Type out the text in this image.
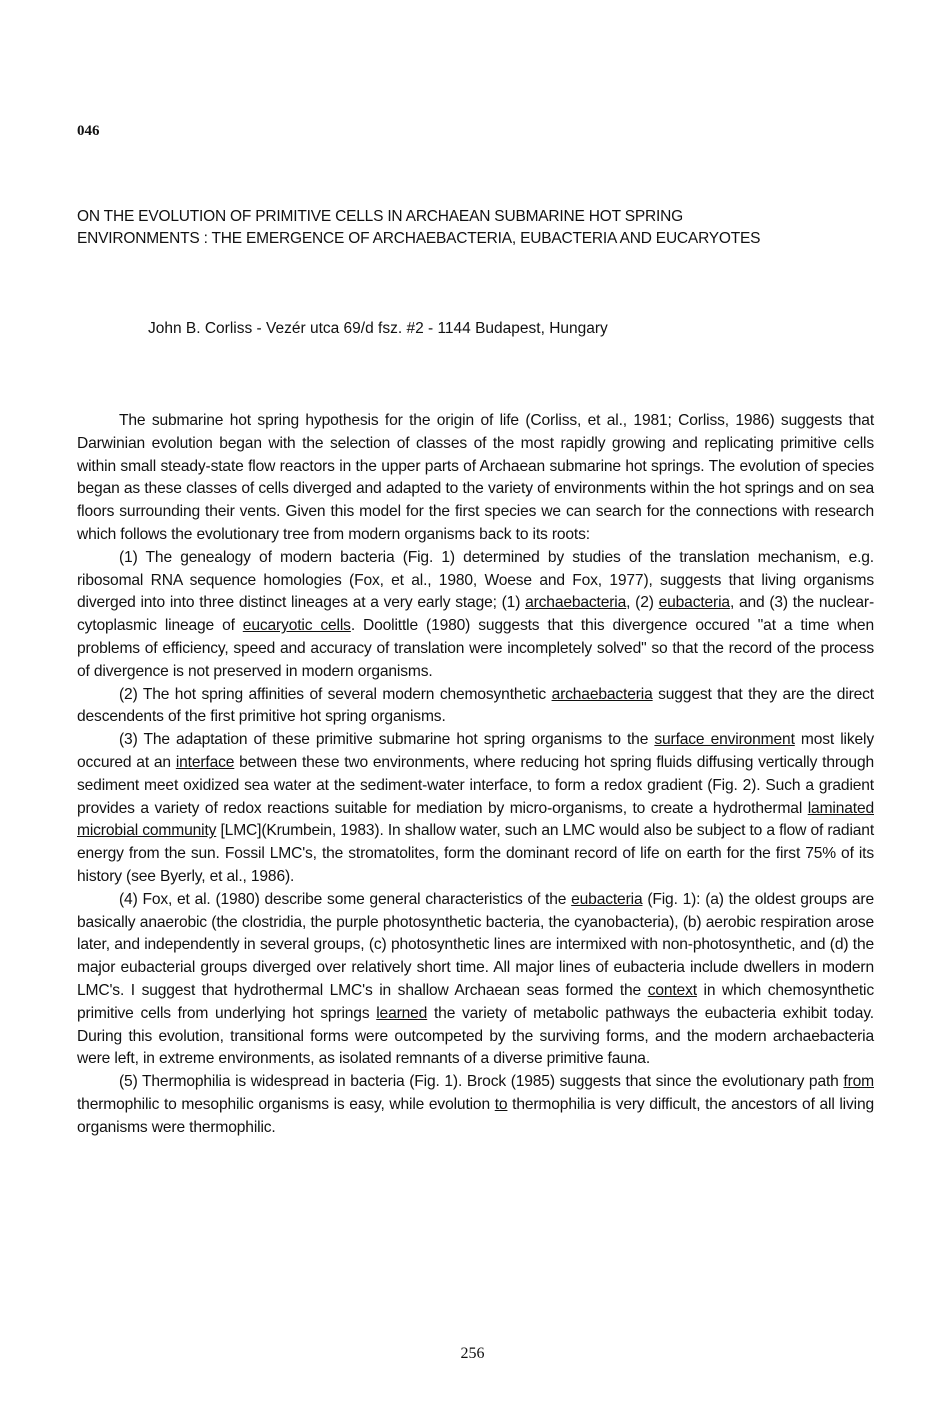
046
ON THE EVOLUTION OF PRIMITIVE CELLS IN ARCHAEAN SUBMARINE HOT SPRING
ENVIRONMENTS : THE EMERGENCE OF ARCHAEBACTERIA, EUBACTERIA AND EUCARYOTES
John B. Corliss - Vezér utca 69/d fsz. #2 - 1144 Budapest, Hungary

The submarine hot spring hypothesis for the origin of life (Corliss, et al., 1981; Corliss, 1986) suggests that Darwinian evolution began with the selection of classes of the most rapidly growing and replicating primitive cells within small steady-state flow reactors in the upper parts of Archaean submarine hot springs. The evolution of species began as these classes of cells diverged and adapted to the variety of environments within the hot springs and on sea floors surrounding their vents. Given this model for the first species we can search for the connections with research which follows the evolutionary tree from modern organisms back to its roots:

(1) The genealogy of modern bacteria (Fig. 1) determined by studies of the translation mechanism, e.g. ribosomal RNA sequence homologies (Fox, et al., 1980, Woese and Fox, 1977), suggests that living organisms diverged into into three distinct lineages at a very early stage; (1) archaebacteria, (2) eubacteria, and (3) the nuclear-cytoplasmic lineage of eucaryotic cells. Doolittle (1980) suggests that this divergence occured "at a time when problems of efficiency, speed and accuracy of translation were incompletely solved" so that the record of the process of divergence is not preserved in modern organisms.

(2) The hot spring affinities of several modern chemosynthetic archaebacteria suggest that they are the direct descendents of the first primitive hot spring organisms.

(3) The adaptation of these primitive submarine hot spring organisms to the surface environment most likely occured at an interface between these two environments, where reducing hot spring fluids diffusing vertically through sediment meet oxidized sea water at the sediment-water interface, to form a redox gradient (Fig. 2). Such a gradient provides a variety of redox reactions suitable for mediation by micro-organisms, to create a hydrothermal laminated microbial community [LMC](Krumbein, 1983). In shallow water, such an LMC would also be subject to a flow of radiant energy from the sun. Fossil LMC's, the stromatolites, form the dominant record of life on earth for the first 75% of its history (see Byerly, et al., 1986).

(4) Fox, et al. (1980) describe some general characteristics of the eubacteria (Fig. 1): (a) the oldest groups are basically anaerobic (the clostridia, the purple photosynthetic bacteria, the cyanobacteria), (b) aerobic respiration arose later, and independently in several groups, (c) photosynthetic lines are intermixed with non-photosynthetic, and (d) the major eubacterial groups diverged over relatively short time. All major lines of eubacteria include dwellers in modern LMC's. I suggest that hydrothermal LMC's in shallow Archaean seas formed the context in which chemosynthetic primitive cells from underlying hot springs learned the variety of metabolic pathways the eubacteria exhibit today. During this evolution, transitional forms were outcompeted by the surviving forms, and the modern archaebacteria were left, in extreme environments, as isolated remnants of a diverse primitive fauna.

(5) Thermophilia is widespread in bacteria (Fig. 1). Brock (1985) suggests that since the evolutionary path from thermophilic to mesophilic organisms is easy, while evolution to thermophilia is very difficult, the ancestors of all living organisms were thermophilic.

256
